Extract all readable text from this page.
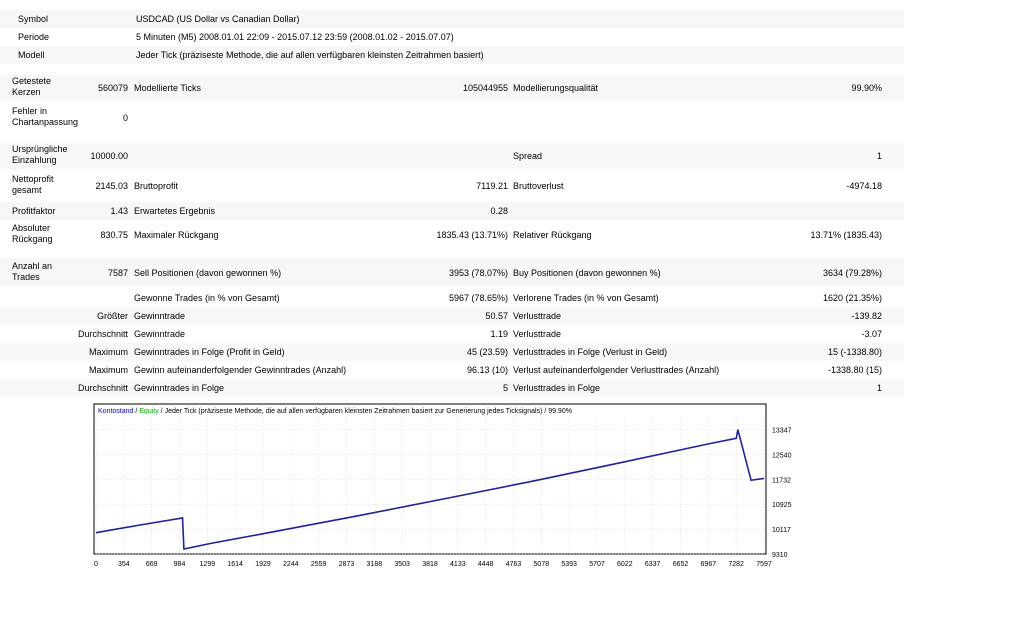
Symbol	USDCAD (US Dollar vs Canadian Dollar)
Periode	5 Minuten (M5) 2008.01.01 22:09 - 2015.07.12 23:59 (2008.01.02 - 2015.07.07)
Modell	Jeder Tick (präziseste Methode, die auf allen verfügbaren kleinsten Zeitrahmen basiert)
Getestete Kerzen	560079 Modellierte Ticks	105044955 Modellierungsqualität	99.90%
Fehler in Chartanpassung	0
Ursprüngliche Einzahlung	10000.00	Spread	1
Nettoprofit gesamt	2145.03 Bruttoprofit	7119.21 Bruttoverlust	-4974.18
Profitfaktor	1.43 Erwartetes Ergebnis	0.28
Absoluter Rückgang	830.75 Maximaler Rückgang	1835.43 (13.71%) Relativer Rückgang	13.71% (1835.43)
Anzahl an Trades	7587 Sell Positionen (davon gewonnen %)	3953 (78.07%) Buy Positionen (davon gewonnen %)	3634 (79.28%)
Gewonne Trades (in % von Gesamt)	5967 (78.65%) Verlorene Trades (in % von Gesamt)	1620 (21.35%)
Größter Gewinntrade	50.57 Verlusttrade	-139.82
Durchschnitt Gewinntrade	1.19 Verlusttrade	-3.07
Maximum Gewinntrades in Folge (Profit in Geld)	45 (23.59) Verlusttrades in Folge (Verlust in Geld)	15 (-1338.80)
Maximum Gewinn aufeinanderfolgender Gewinntrades (Anzahl)	96.13 (10) Verlust aufeinanderfolgender Verlusttrades (Anzahl)	-1338.80 (15)
Durchschnitt Gewinntrades in Folge	5 Verlusttrades in Folge	1
Kontostand / Equity / Jeder Tick (präziseste Methode, die auf allen verfügbaren kleinsten Zeitrahmen basiert zur Generierung jedes Ticksignals) / 99.90%
13347
12540
11732
10925
10117
9310
0	354 669 984 1299 1614 1929 2244 2559 2873 3188 3503 3818 4133 4448 4763 5078 5393 5707 6022 6337 6652 6967 7282 7597
